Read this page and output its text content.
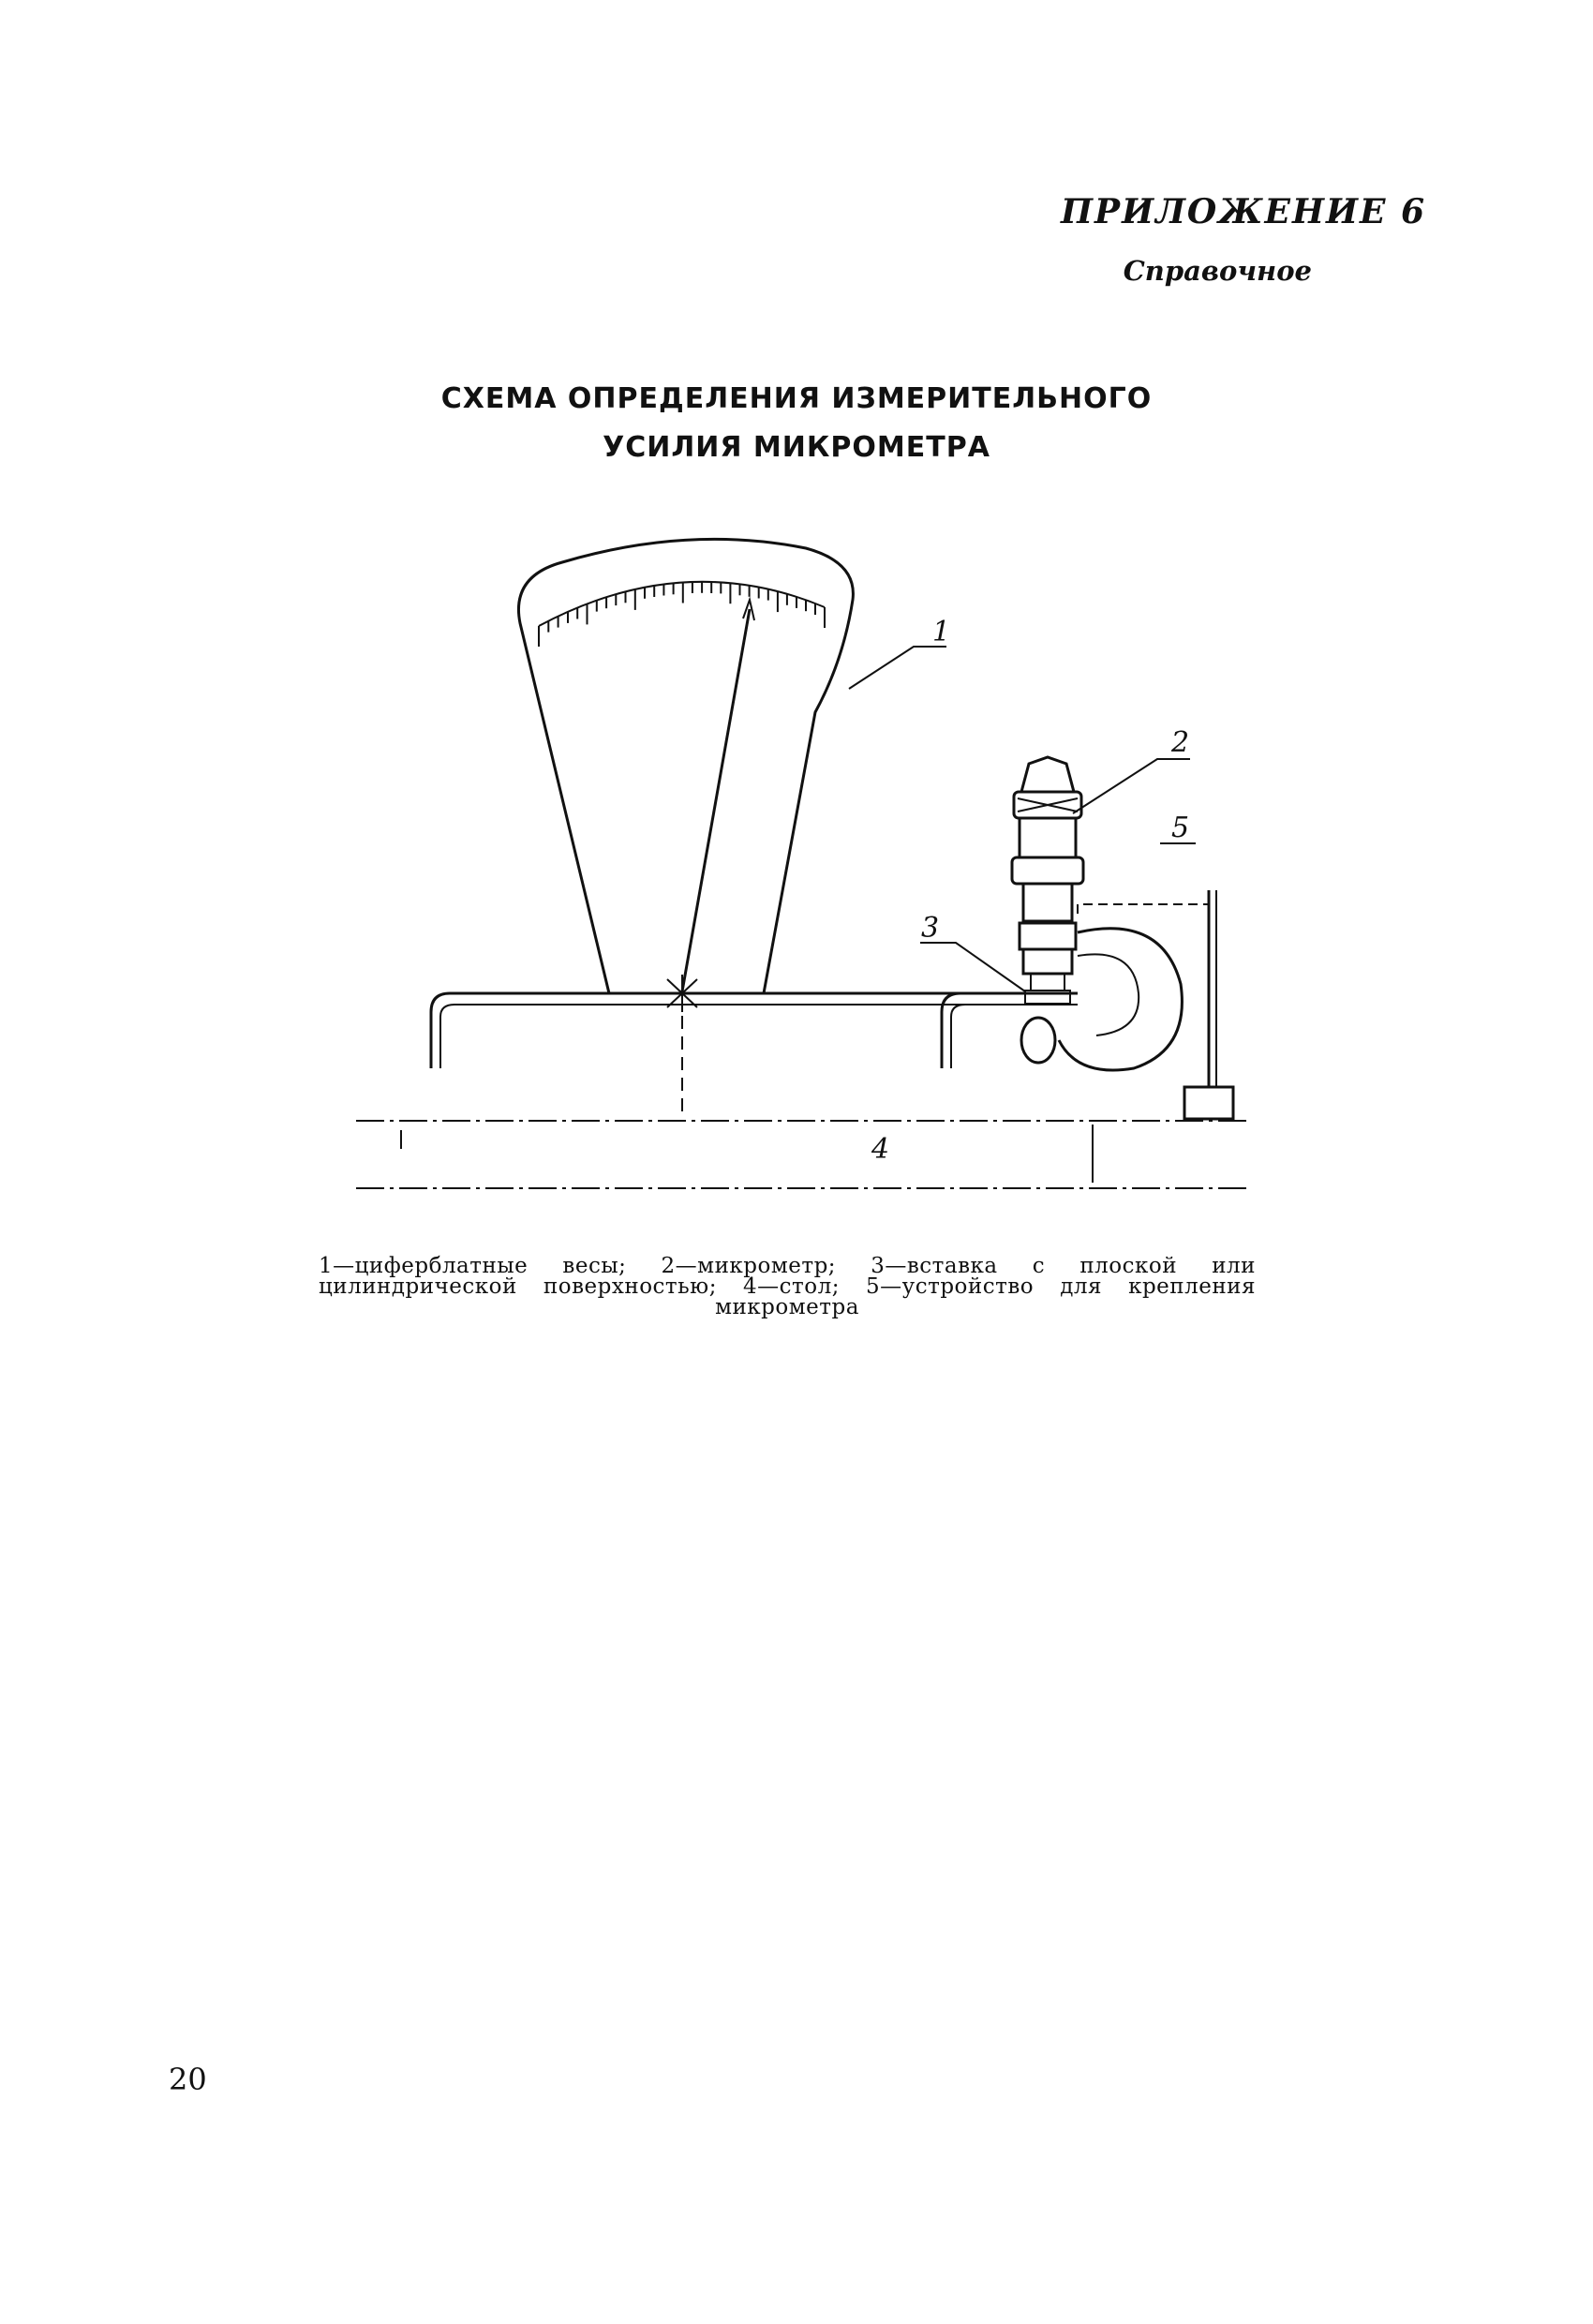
ПРИЛОЖЕНИЕ 6
Справочное
СХЕМА ОПРЕДЕЛЕНИЯ ИЗМЕРИТЕЛЬНОГО
УСИЛИЯ МИКРОМЕТРА
1
2
3
4
5
1—циферблатные весы; 2—микрометр; 3—вставка с плоской или цилиндрической поверхностью; 4—стол; 5—устройство для крепления микрометра
20
